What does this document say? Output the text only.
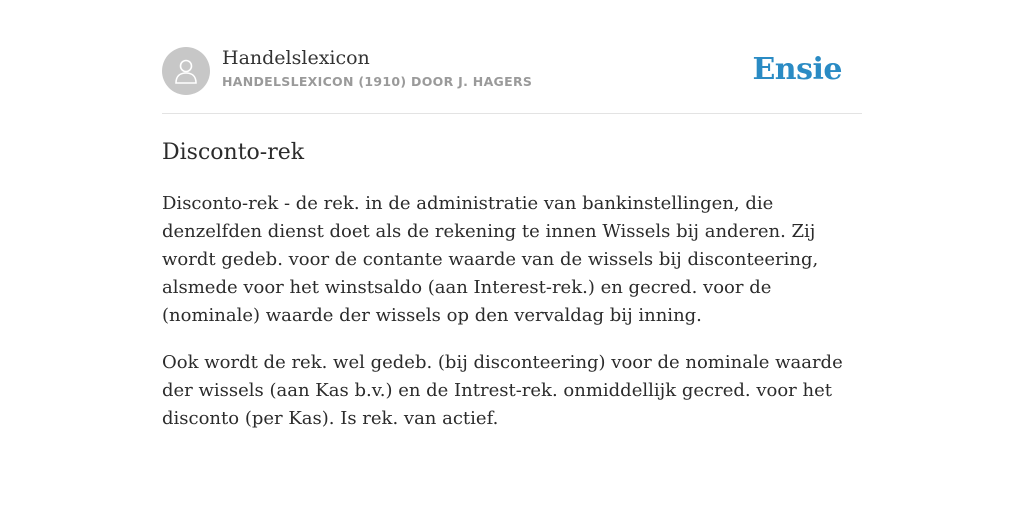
Handelslexicon
HANDELSLEXICON (1910) DOOR J. HAGERS	Ensie
Disconto-rek

Disconto-rek - de rek. in de administratie van bankinstellingen, die denzelfden dienst doet als de rekening te innen Wissels bij anderen. Zij wordt gedeb. voor de contante waarde van de wissels bij disconteering, alsmede voor het winstsaldo (aan Interest-rek.) en gecred. voor de (nominale) waarde der wissels op den vervaldag bij inning.

Ook wordt de rek. wel gedeb. (bij disconteering) voor de nominale waarde der wissels (aan Kas b.v.) en de Intrest-rek. onmiddellijk gecred. voor het disconto (per Kas). Is rek. van actief.
